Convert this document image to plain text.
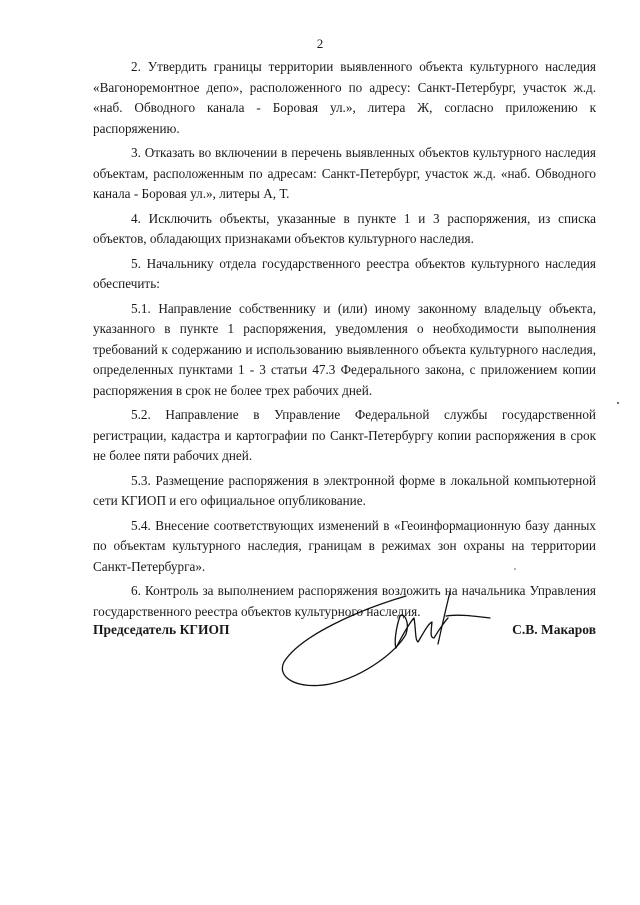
2

2. Утвердить границы территории выявленного объекта культурного наследия «Вагоноремонтное депо», расположенного по адресу: Санкт-Петербург, участок ж.д. «наб. Обводного канала - Боровая ул.», литера Ж, согласно приложению к распоряжению.

3. Отказать во включении в перечень выявленных объектов культурного наследия объектам, расположенным по адресам: Санкт-Петербург, участок ж.д. «наб. Обводного канала - Боровая ул.», литеры А, Т.

4. Исключить объекты, указанные в пункте 1 и 3 распоряжения, из списка объектов, обладающих признаками объектов культурного наследия.

5. Начальнику отдела государственного реестра объектов культурного наследия обеспечить:

5.1. Направление собственнику и (или) иному законному владельцу объекта, указанного в пункте 1 распоряжения, уведомления о необходимости выполнения требований к содержанию и использованию выявленного объекта культурного наследия, определенных пунктами 1 - 3 статьи 47.3 Федерального закона, с приложением копии распоряжения в срок не более трех рабочих дней.

5.2. Направление в Управление Федеральной службы государственной регистрации, кадастра и картографии по Санкт-Петербургу копии распоряжения в срок не более пяти рабочих дней.

5.3. Размещение распоряжения в электронной форме в локальной компьютерной сети КГИОП и его официальное опубликование.

5.4. Внесение соответствующих изменений в «Геоинформационную базу данных по объектам культурного наследия, границам в режимах зон охраны на территории Санкт-Петербурга».

6. Контроль за выполнением распоряжения возложить на начальника Управления государственного реестра объектов культурного наследия.

Председатель КГИОП	С.В. Макаров
